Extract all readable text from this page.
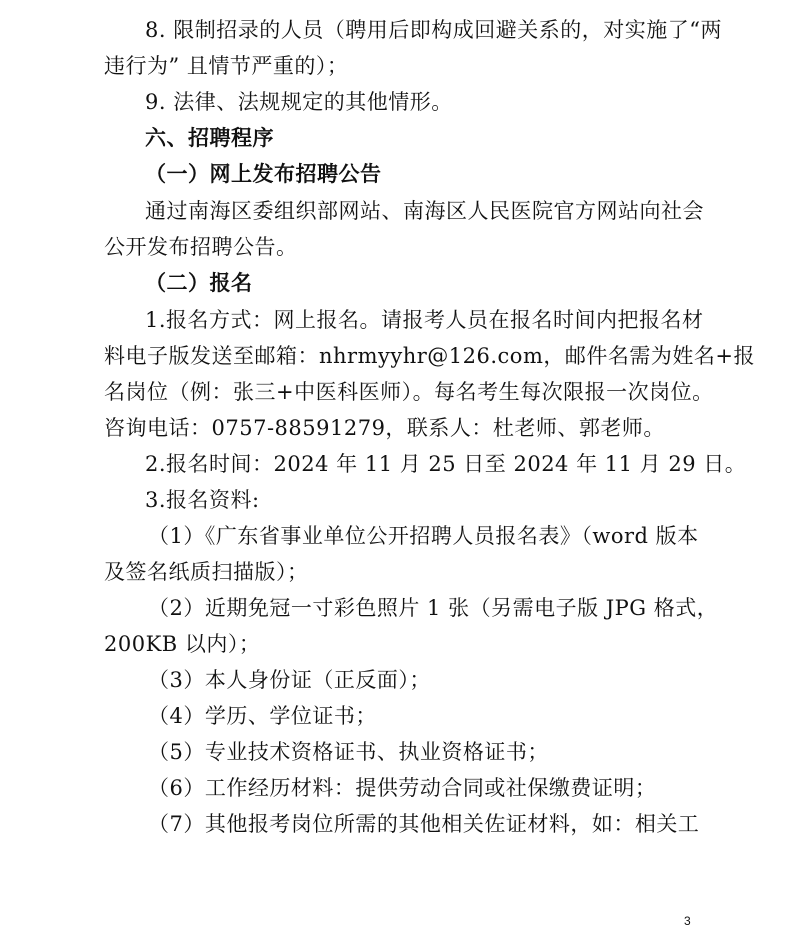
8. 限制招录的人员（聘用后即构成回避关系的，对实施了“两
违行为” 且情节严重的）；
9. 法律、法规规定的其他情形。
六、招聘程序
（一）网上发布招聘公告
通过南海区委组织部网站、南海区人民医院官方网站向社会
公开发布招聘公告。
（二）报名
1.报名方式：网上报名。请报考人员在报名时间内把报名材
料电子版发送至邮箱：nhrmyyhr@126.com，邮件名需为姓名+报
名岗位（例：张三+中医科医师）。每名考生每次限报一次岗位。
咨询电话：0757-88591279，联系人：杜老师、郭老师。
2.报名时间：2024 年 11 月 25 日至 2024 年 11 月 29 日。
3.报名资料:
（1）《广东省事业单位公开招聘人员报名表》（word 版本
及签名纸质扫描版）；
（2）近期免冠一寸彩色照片 1 张（另需电子版 JPG 格式，
200KB 以内）；
（3）本人身份证（正反面）；
（4）学历、学位证书；
（5）专业技术资格证书、执业资格证书；
（6）工作经历材料：提供劳动合同或社保缴费证明；
（7）其他报考岗位所需的其他相关佐证材料，如：相关工
3
